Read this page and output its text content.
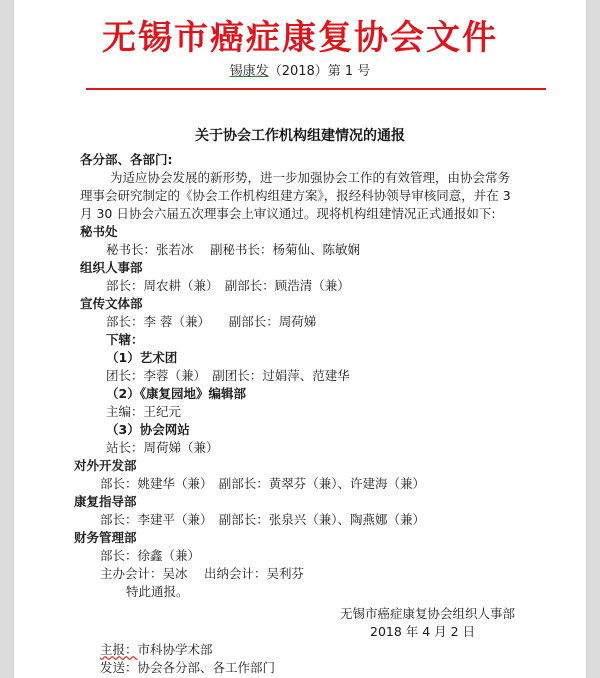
无锡市癌症康复协会文件
锡康发（2018）第 1 号
关于协会工作机构组建情况的通报
各分部、各部门:
为适应协会发展的新形势，进一步加强协会工作的有效管理，由协会常务
理事会研究制定的《协会工作机构组建方案》，报经科协领导审核同意，并在 3
月 30 日协会六届五次理事会上审议通过。现将机构组建情况正式通报如下:
秘书处
秘书长：张若冰　 副秘书长：杨菊仙、陈敏娴
组织人事部
部长：周农耕（兼）　副部长：顾浩清（兼）
宣传文体部
部长：李 蓉（兼）　　副部长：周荷娣
下辖：
（1）艺术团
团长：李蓉（兼）　副团长：过娟萍、范建华
（2）《康复园地》编辑部
主编：王纪元
（3）协会网站
站长：周荷娣（兼）
对外开发部
部长：姚建华（兼）　副部长：黄翠芬（兼）、许建海（兼）
康复指导部
部长：李建平（兼）　副部长：张泉兴（兼）、陶燕娜（兼）
财务管理部
部长：徐鑫（兼）
主办会计：吴冰　 出纳会计：吴利芬
特此通报。
无锡市癌症康复协会组织人事部
2018 年 4 月 2 日
主报：市科协学术部
发送：协会各分部、各工作部门
